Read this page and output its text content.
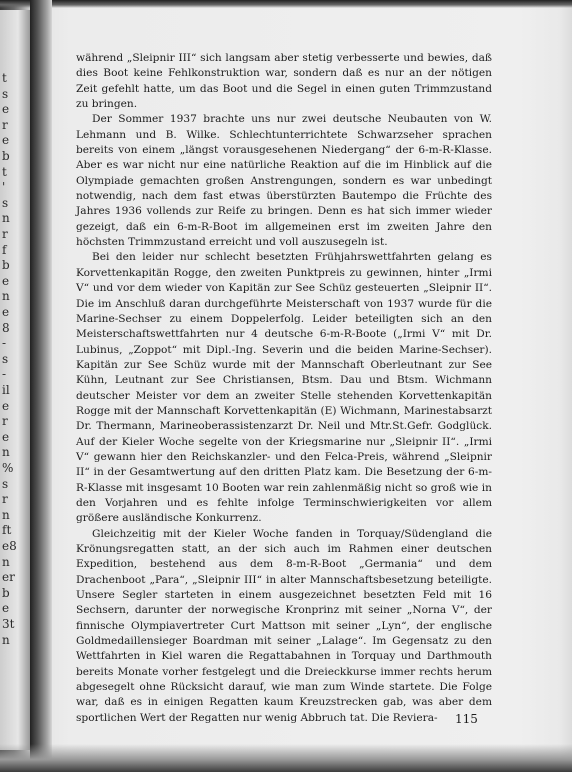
t
s
e
r
e
b
t
'
s
n
r
f
b
e
n
e
8
-
s
-
il
e
r
e
n
%
s
r
n
ft
e8
n
er
b
e
3t
n

während „Sleipnir III“ sich langsam aber stetig verbesserte und bewies, daß dies Boot keine Fehlkonstruktion war, sondern daß es nur an der nötigen Zeit gefehlt hatte, um das Boot und die Segel in einen guten Trimmzustand zu bringen.

Der Sommer 1937 brachte uns nur zwei deutsche Neubauten von W. Lehmann und B. Wilke. Schlechtunterrichtete Schwarzseher sprachen bereits von einem „längst vorausgesehenen Niedergang“ der 6-m-R-Klasse. Aber es war nicht nur eine natürliche Reaktion auf die im Hinblick auf die Olympiade gemachten großen Anstrengungen, sondern es war unbedingt notwendig, nach dem fast etwas überstürzten Bautempo die Früchte des Jahres 1936 vollends zur Reife zu bringen. Denn es hat sich immer wieder gezeigt, daß ein 6-m-R-Boot im allgemeinen erst im zweiten Jahre den höchsten Trimmzustand erreicht und voll auszusegeln ist.

Bei den leider nur schlecht besetzten Frühjahrswettfahrten gelang es Korvettenkapitän Rogge, den zweiten Punktpreis zu gewinnen, hinter „Irmi V“ und vor dem wieder von Kapitän zur See Schüz gesteuerten „Sleipnir II“. Die im Anschluß daran durchgeführte Meisterschaft von 1937 wurde für die Marine-Sechser zu einem Doppelerfolg. Leider beteiligten sich an den Meisterschaftswettfahrten nur 4 deutsche 6-m-R-Boote („Irmi V“ mit Dr. Lubinus, „Zoppot“ mit Dipl.-Ing. Severin und die beiden Marine-Sechser). Kapitän zur See Schüz wurde mit der Mannschaft Oberleutnant zur See Kühn, Leutnant zur See Christiansen, Btsm. Dau und Btsm. Wichmann deutscher Meister vor dem an zweiter Stelle stehenden Korvettenkapitän Rogge mit der Mannschaft Korvettenkapitän (E) Wichmann, Marinestabsarzt Dr. Thermann, Marineoberassistenzarzt Dr. Neil und Mtr.St.Gefr. Godglück. Auf der Kieler Woche segelte von der Kriegsmarine nur „Sleipnir II“. „Irmi V“ gewann hier den Reichskanzler- und den Felca-Preis, während „Sleipnir II“ in der Gesamtwertung auf den dritten Platz kam. Die Besetzung der 6-m-R-Klasse mit insgesamt 10 Booten war rein zahlenmäßig nicht so groß wie in den Vorjahren und es fehlte infolge Terminschwierigkeiten vor allem größere ausländische Konkurrenz.

Gleichzeitig mit der Kieler Woche fanden in Torquay/Südengland die Krönungsregatten statt, an der sich auch im Rahmen einer deutschen Expedition, bestehend aus dem 8-m-R-Boot „Germania“ und dem Drachenboot „Para“, „Sleipnir III“ in alter Mannschaftsbesetzung beteiligte. Unsere Segler starteten in einem ausgezeichnet besetzten Feld mit 16 Sechsern, darunter der norwegische Kronprinz mit seiner „Norna V“, der finnische Olympiavertreter Curt Mattson mit seiner „Lyn“, der englische Goldmedaillensieger Boardman mit seiner „Lalage“. Im Gegensatz zu den Wettfahrten in Kiel waren die Regattabahnen in Torquay und Darthmouth bereits Monate vorher festgelegt und die Dreieckkurse immer rechts herum abgesegelt ohne Rücksicht darauf, wie man zum Winde startete. Die Folge war, daß es in einigen Regatten kaum Kreuzstrecken gab, was aber dem sportlichen Wert der Regatten nur wenig Abbruch tat. Die Reviera-	115
